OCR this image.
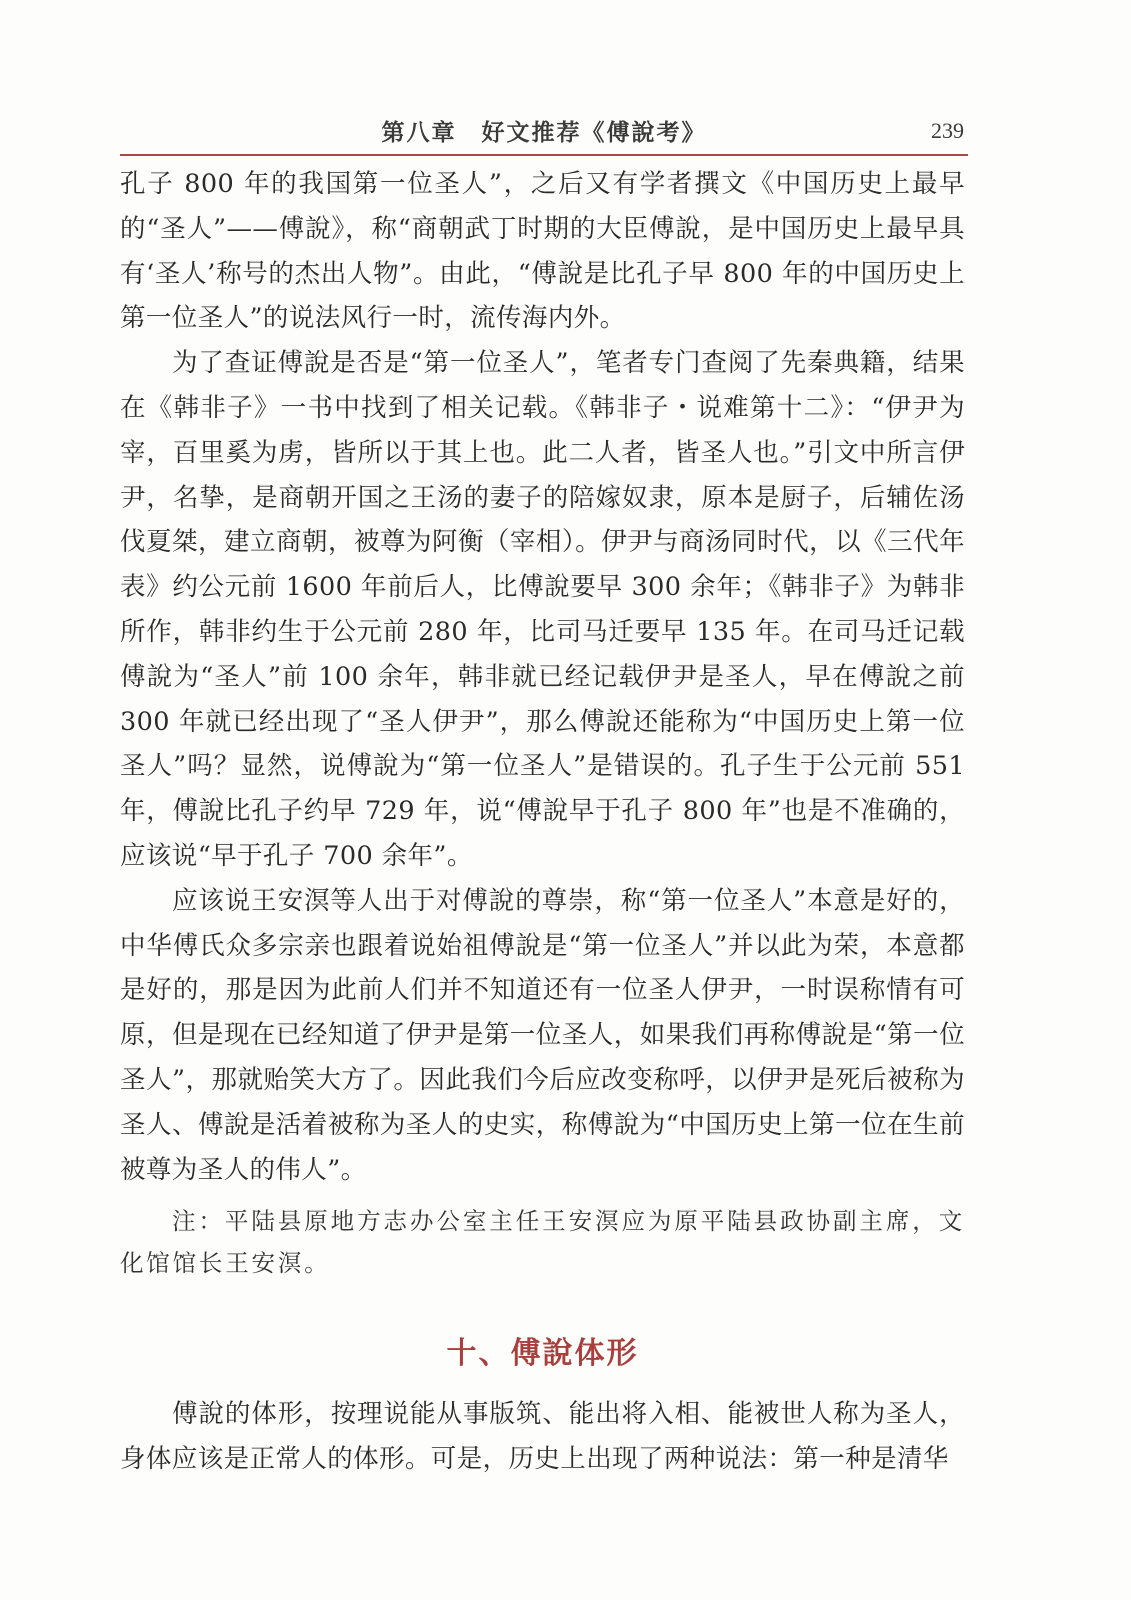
第八章　好文推荐《傅說考》	239

孔子 800 年的我国第一位圣人”，之后又有学者撰文《中国历史上最早的“圣人”——傅說》，称“商朝武丁时期的大臣傅說，是中国历史上最早具有‘圣人’称号的杰出人物”。由此，“傅說是比孔子早 800 年的中国历史上第一位圣人”的说法风行一时，流传海内外。

为了查证傅說是否是“第一位圣人”，笔者专门查阅了先秦典籍，结果在《韩非子》一书中找到了相关记载。《韩非子・说难第十二》：“伊尹为宰，百里奚为虏，皆所以于其上也。此二人者，皆圣人也。”引文中所言伊尹，名挚，是商朝开国之王汤的妻子的陪嫁奴隶，原本是厨子，后辅佐汤伐夏桀，建立商朝，被尊为阿衡（宰相）。伊尹与商汤同时代，以《三代年表》约公元前 1600 年前后人，比傅說要早 300 余年；《韩非子》为韩非所作，韩非约生于公元前 280 年，比司马迁要早 135 年。在司马迁记载傅說为“圣人”前 100 余年，韩非就已经记载伊尹是圣人，早在傅說之前 300 年就已经出现了“圣人伊尹”，那么傅說还能称为“中国历史上第一位圣人”吗？显然，说傅說为“第一位圣人”是错误的。孔子生于公元前 551 年，傅說比孔子约早 729 年，说“傅說早于孔子 800 年”也是不准确的，应该说“早于孔子 700 余年”。

应该说王安溟等人出于对傅說的尊崇，称“第一位圣人”本意是好的，中华傅氏众多宗亲也跟着说始祖傅說是“第一位圣人”并以此为荣，本意都是好的，那是因为此前人们并不知道还有一位圣人伊尹，一时误称情有可原，但是现在已经知道了伊尹是第一位圣人，如果我们再称傅說是“第一位圣人”，那就贻笑大方了。因此我们今后应改变称呼，以伊尹是死后被称为圣人、傅說是活着被称为圣人的史实，称傅說为“中国历史上第一位在生前被尊为圣人的伟人”。

注：平陆县原地方志办公室主任王安溟应为原平陆县政协副主席，文化馆馆长王安溟。

十、傅說体形

傅說的体形，按理说能从事版筑、能出将入相、能被世人称为圣人，身体应该是正常人的体形。可是，历史上出现了两种说法：第一种是清华
